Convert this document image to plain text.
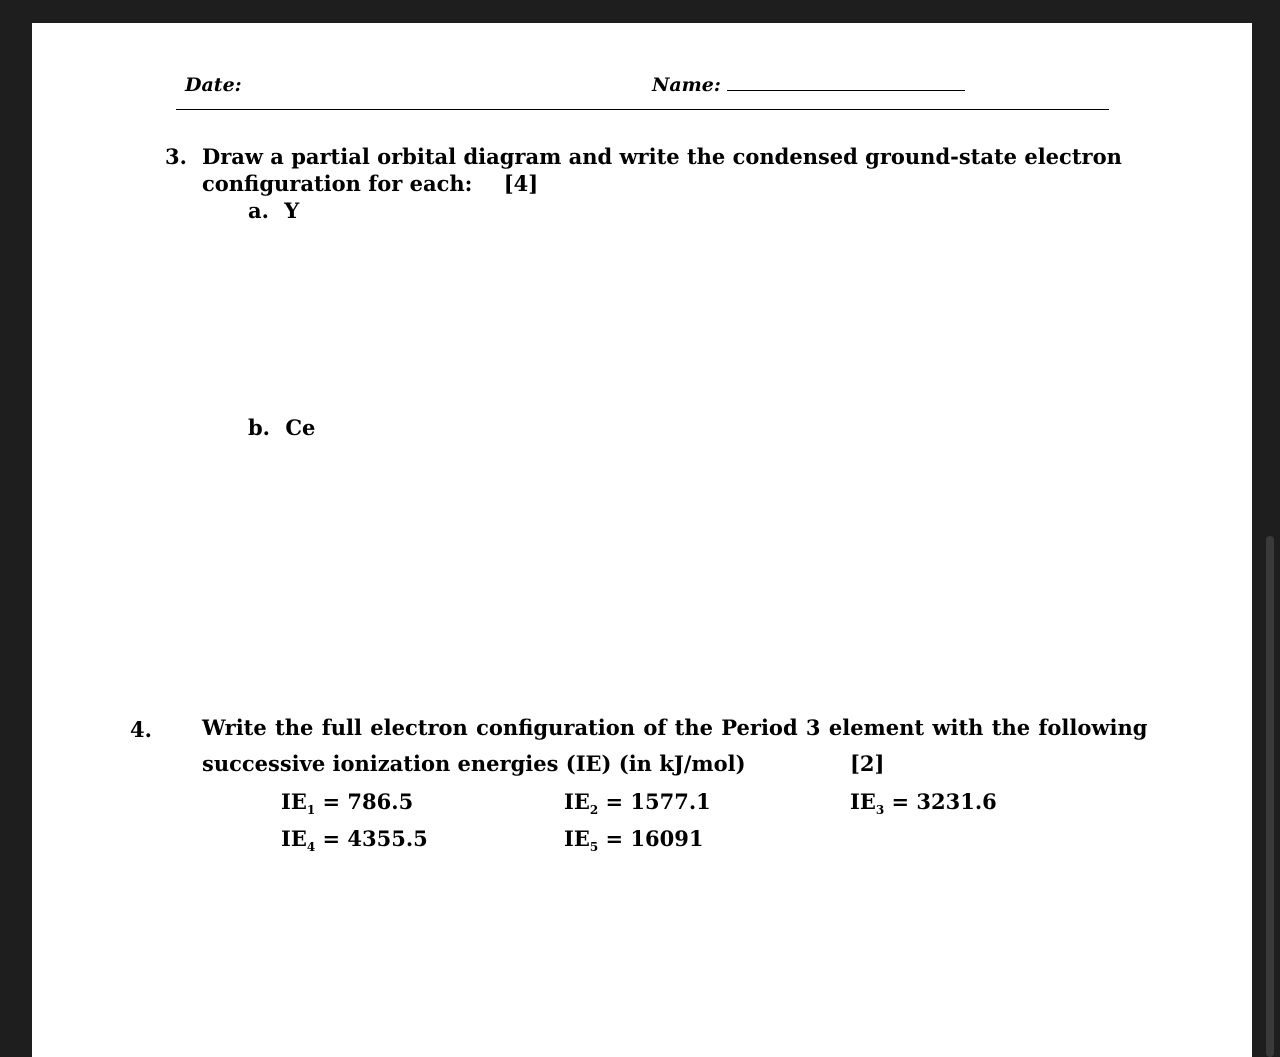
Date:	Name:
3. Draw a partial orbital diagram and write the condensed ground-state electron
configuration for each: [4]
a. Y
b. Ce
4. Write the full electron configuration of the Period 3 element with the following
successive ionization energies (IE) (in kJ/mol)	[2]
$IE_1 = 786.5$	$IE_2 = 1577.1$	$IE_3 = 3231.6$
$IE_4 = 4355.5$	$IE_5 = 16091$
